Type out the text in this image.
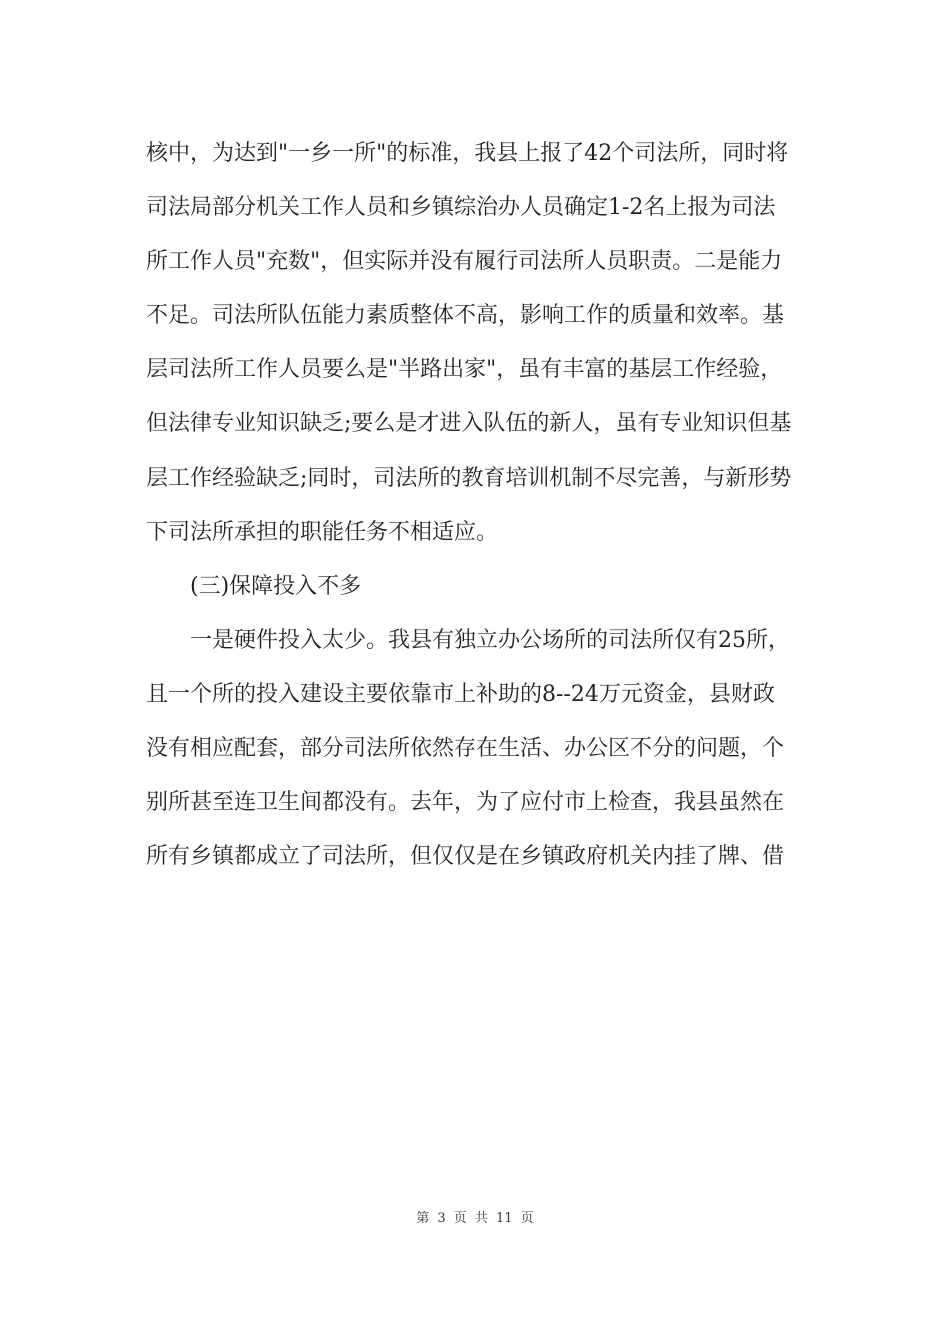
核中，为达到"一乡一所"的标准，我县上报了42个司法所，同时将
司法局部分机关工作人员和乡镇综治办人员确定1-2名上报为司法
所工作人员"充数"，但实际并没有履行司法所人员职责。二是能力
不足。司法所队伍能力素质整体不高，影响工作的质量和效率。基
层司法所工作人员要么是"半路出家"，虽有丰富的基层工作经验，
但法律专业知识缺乏;要么是才进入队伍的新人，虽有专业知识但基
层工作经验缺乏;同时，司法所的教育培训机制不尽完善，与新形势
下司法所承担的职能任务不相适应。
(三)保障投入不多
一是硬件投入太少。我县有独立办公场所的司法所仅有25所，
且一个所的投入建设主要依靠市上补助的8--24万元资金，县财政
没有相应配套，部分司法所依然存在生活、办公区不分的问题，个
别所甚至连卫生间都没有。去年，为了应付市上检查，我县虽然在
所有乡镇都成立了司法所，但仅仅是在乡镇政府机关内挂了牌、借
第 3 页 共 11 页
